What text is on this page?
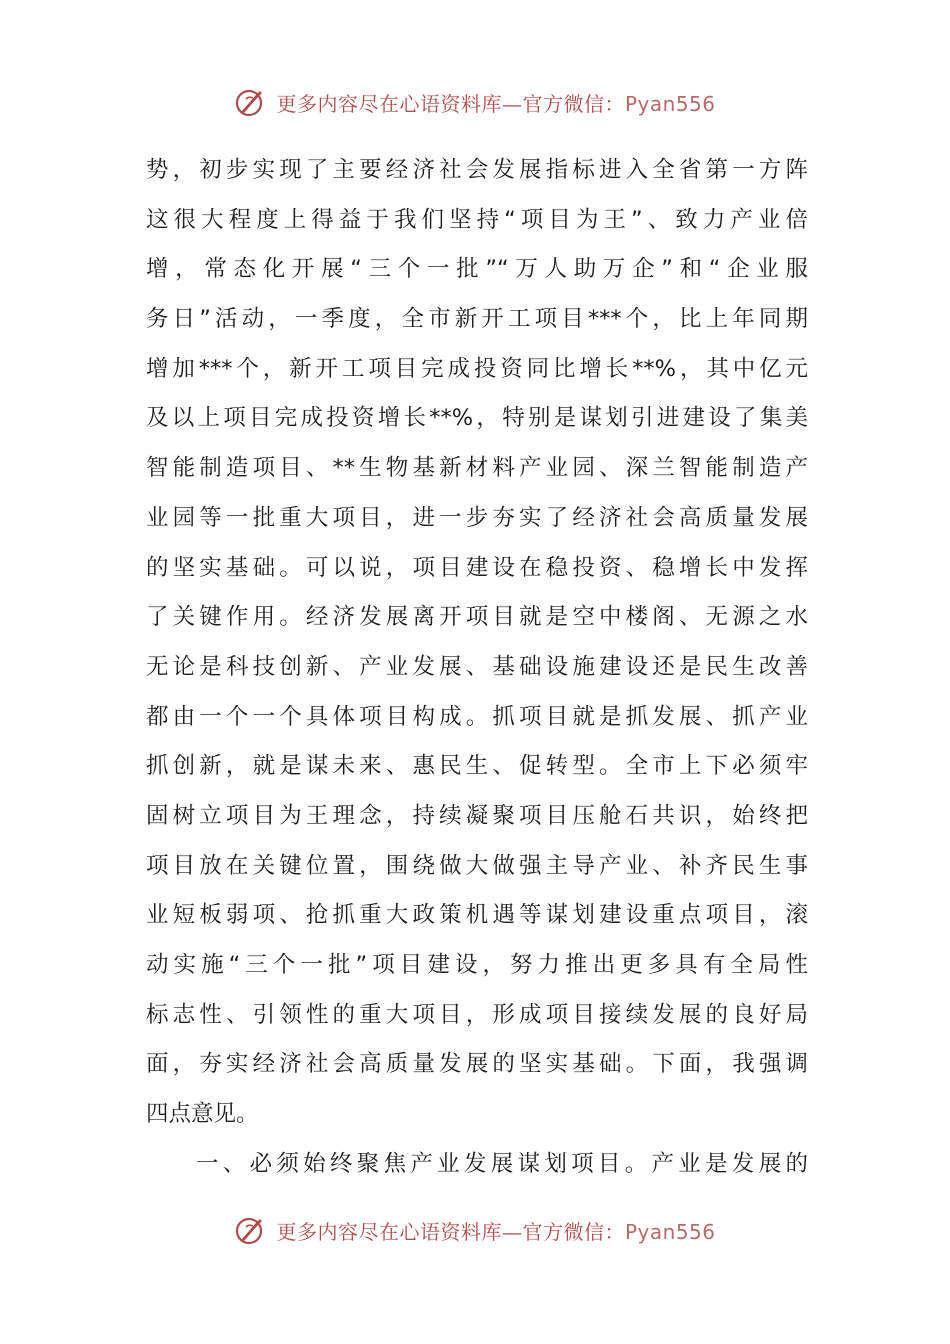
更多内容尽在心语资料库—官方微信：Pyan556
势，初步实现了主要经济社会发展指标进入全省第一方阵
这很大程度上得益于我们坚持“项目为王”、致力产业倍
增，常态化开展“三个一批”“万人助万企”和“企业服
务日”活动，一季度，全市新开工项目***个，比上年同期
增加***个，新开工项目完成投资同比增长**%，其中亿元
及以上项目完成投资增长**%，特别是谋划引进建设了集美
智能制造项目、**生物基新材料产业园、深兰智能制造产
业园等一批重大项目，进一步夯实了经济社会高质量发展
的坚实基础。可以说，项目建设在稳投资、稳增长中发挥
了关键作用。经济发展离开项目就是空中楼阁、无源之水
无论是科技创新、产业发展、基础设施建设还是民生改善
都由一个一个具体项目构成。抓项目就是抓发展、抓产业
抓创新，就是谋未来、惠民生、促转型。全市上下必须牢
固树立项目为王理念，持续凝聚项目压舱石共识，始终把
项目放在关键位置，围绕做大做强主导产业、补齐民生事
业短板弱项、抢抓重大政策机遇等谋划建设重点项目，滚
动实施“三个一批”项目建设，努力推出更多具有全局性
标志性、引领性的重大项目，形成项目接续发展的良好局
面，夯实经济社会高质量发展的坚实基础。下面，我强调
四点意见。
一、必须始终聚焦产业发展谋划项目。产业是发展的
更多内容尽在心语资料库—官方微信：Pyan556
